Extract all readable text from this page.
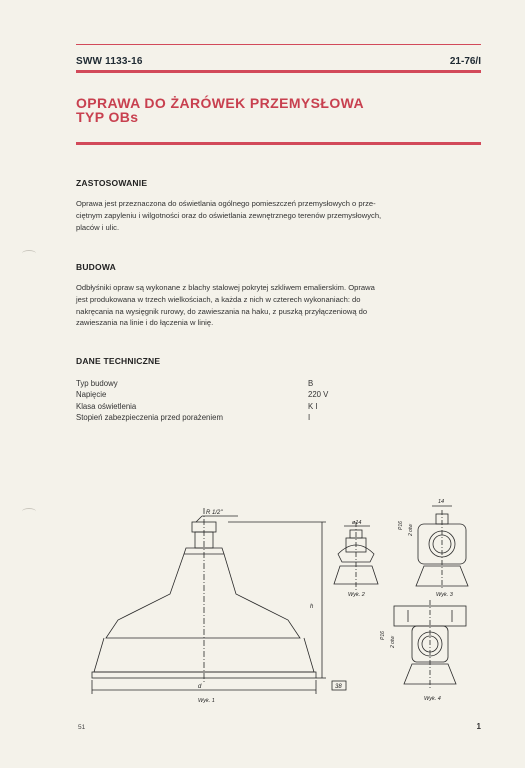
SWW 1133-16	21-76/I
OPRAWA DO ŻARÓWEK PRZEMYSŁOWA
TYP OBs
ZASTOSOWANIE
Oprawa jest przeznaczona do oświetlania ogólnego pomieszczeń przemysłowych o prze-
ciętnym zapyleniu i wilgotności oraz do oświetlania zewnętrznego terenów przemysłowych,
placów i ulic.
BUDOWA
Odbłyśniki opraw są wykonane z blachy stalowej pokrytej szkliwem emalierskim. Oprawa
jest produkowana w trzech wielkościach, a każda z nich w czterech wykonaniach: do
nakręcania na wysięgnik rurowy, do zawieszania na haku, z puszką przyłączeniową do
zawieszania na linie i do łączenia w linię.
DANE TECHNICZNE
Typ budowy	B
Napięcie	220 V
Klasa oświetlenia	K I
Stopień zabezpieczenia przed porażeniem	I
R 1/2"
d
h
Wyk. 1
38
ø14
Wyk. 2
14
P16 2 otw
Wyk. 3
P16
2 otw
Wyk. 4
51	1
